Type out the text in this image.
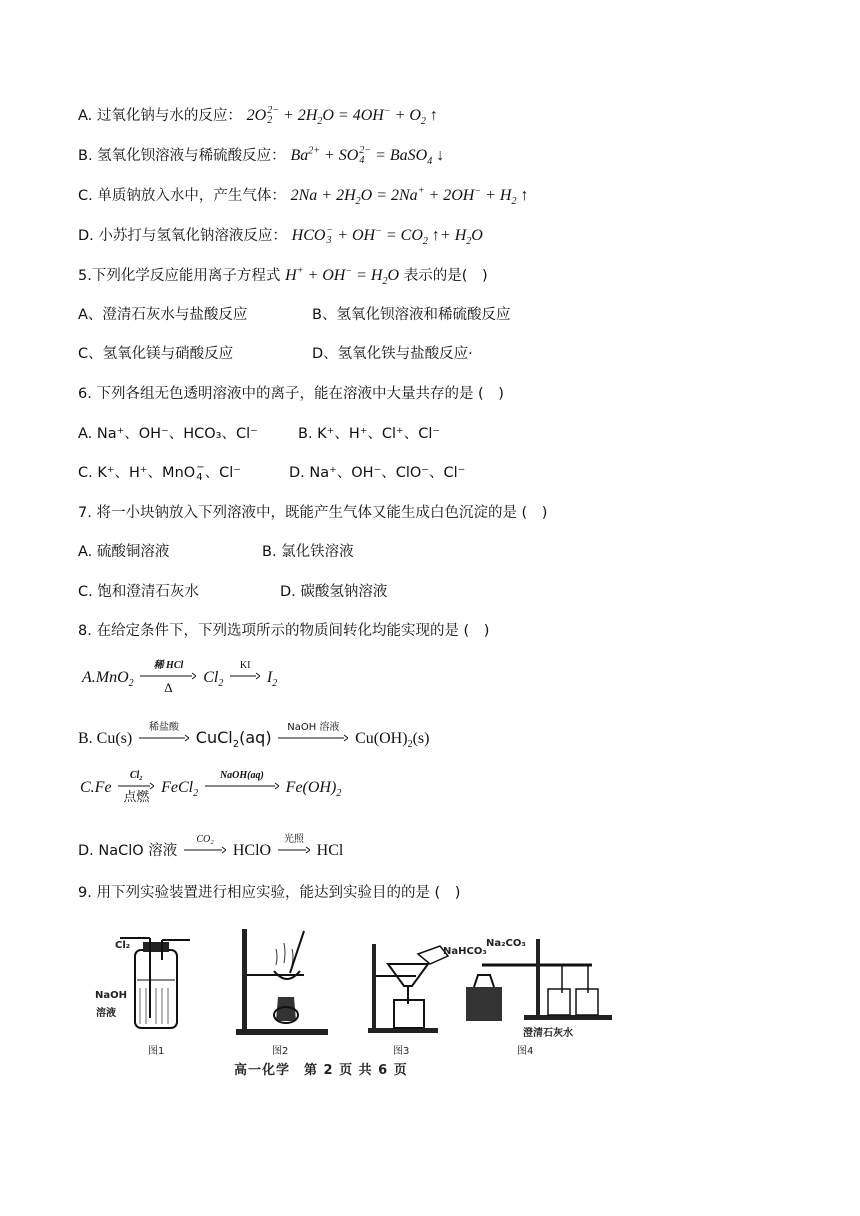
A. 过氧化钠与水的反应： 2O 2−
$2 + 2H_2O = 4OH^- + O_2$ ↑
B. 氢氧化钡溶液与稀硫酸反应： $Ba^{2+}$ + SO 2−
4 = BaSO$_4$ ↓
C. 单质钠放入水中，产生气体： $2Na + 2H_2O = 2Na^+ + 2OH^- + H_2$ ↑
D. 小苏打与氢氧化钠溶液反应： HCO −
$3 + OH^- = CO_2$ ↑+ $H_2O$
5.下列化学反应能用离子方程式 $H^+ + OH^- = H_2O$ 表示的是(　)
A、澄清石灰水与盐酸反应	B、氢氧化钡溶液和稀硫酸反应
C、氢氧化镁与硝酸反应	D、氢氧化铁与盐酸反应·
6. 下列各组无色透明溶液中的离子，能在溶液中大量共存的是 (　)
A. Na⁺、OH⁻、HCO₃、Cl⁻	B. K⁺、H⁺、Cl⁺、Cl⁻
C. K⁺、H⁺、MnO −
4 、Cl⁻	D. Na⁺、OH⁻、ClO⁻、Cl⁻
7. 将一小块钠放入下列溶液中，既能产生气体又能生成白色沉淀的是 (　)
A. 硫酸铜溶液	B. 氯化铁溶液
C. 饱和澄清石灰水	D. 碳酸氢钠溶液
8. 在给定条件下，下列选项所示的物质间转化均能实现的是 (　)
A.MnO$_2$
稀 HCl
Δ
$Cl_2$
KI
$I_2$
B. Cu(s)
稀盐酸
CuCl$_2$(aq)
NaOH 溶液
$Cu(OH)_2(s)$
C.Fe
Cl₂
点燃
FeCl$_2$
NaOH(aq)
$Fe(OH)_2$
D. NaClO 溶液
CO₂
HClO
光照
HCl
9. 用下列实验装置进行相应实验，能达到实验目的的是 (　)
Cl₂
NaOH
溶液
图1	图2	图3
NaHCO₃
Na₂CO₃
澄清石灰水
图4
高一化学　第 2 页 共 6 页
